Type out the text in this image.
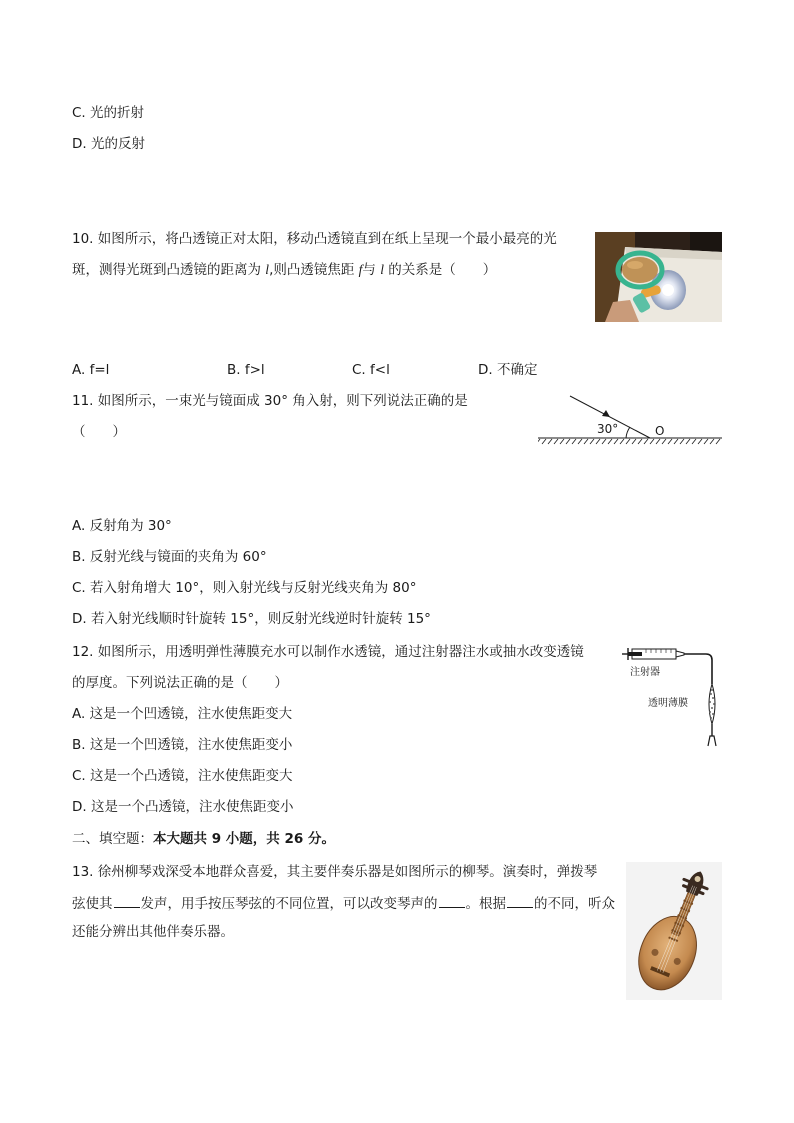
C. 光的折射
D. 光的反射
10. 如图所示，将凸透镜正对太阳，移动凸透镜直到在纸上呈现一个最小最亮的光
斑，测得光斑到凸透镜的距离为 l,则凸透镜焦距 f与 l 的关系是（　　）
A. f=l	B. f>l	C. f<l	D. 不确定
11. 如图所示，一束光与镜面成 30° 角入射，则下列说法正确的是
（　　）	30°	O
A. 反射角为 30°
B. 反射光线与镜面的夹角为 60°
C. 若入射角增大 10°，则入射光线与反射光线夹角为 80°
D. 若入射光线顺时针旋转 15°，则反射光线逆时针旋转 15°
12. 如图所示，用透明弹性薄膜充水可以制作水透镜，通过注射器注水或抽水改变透镜
的厚度。下列说法正确的是（　　）
注射器
透明薄膜
A. 这是一个凹透镜，注水使焦距变大
B. 这是一个凹透镜，注水使焦距变小
C. 这是一个凸透镜，注水使焦距变大
D. 这是一个凸透镜，注水使焦距变小
二、填空题：本大题共 9 小题，共 26 分。
13. 徐州柳琴戏深受本地群众喜爱，其主要伴奏乐器是如图所示的柳琴。演奏时，弹拨琴
弦使其 发声，用手按压琴弦的不同位置，可以改变琴声的 。根据 的不同，听众
还能分辨出其他伴奏乐器。
